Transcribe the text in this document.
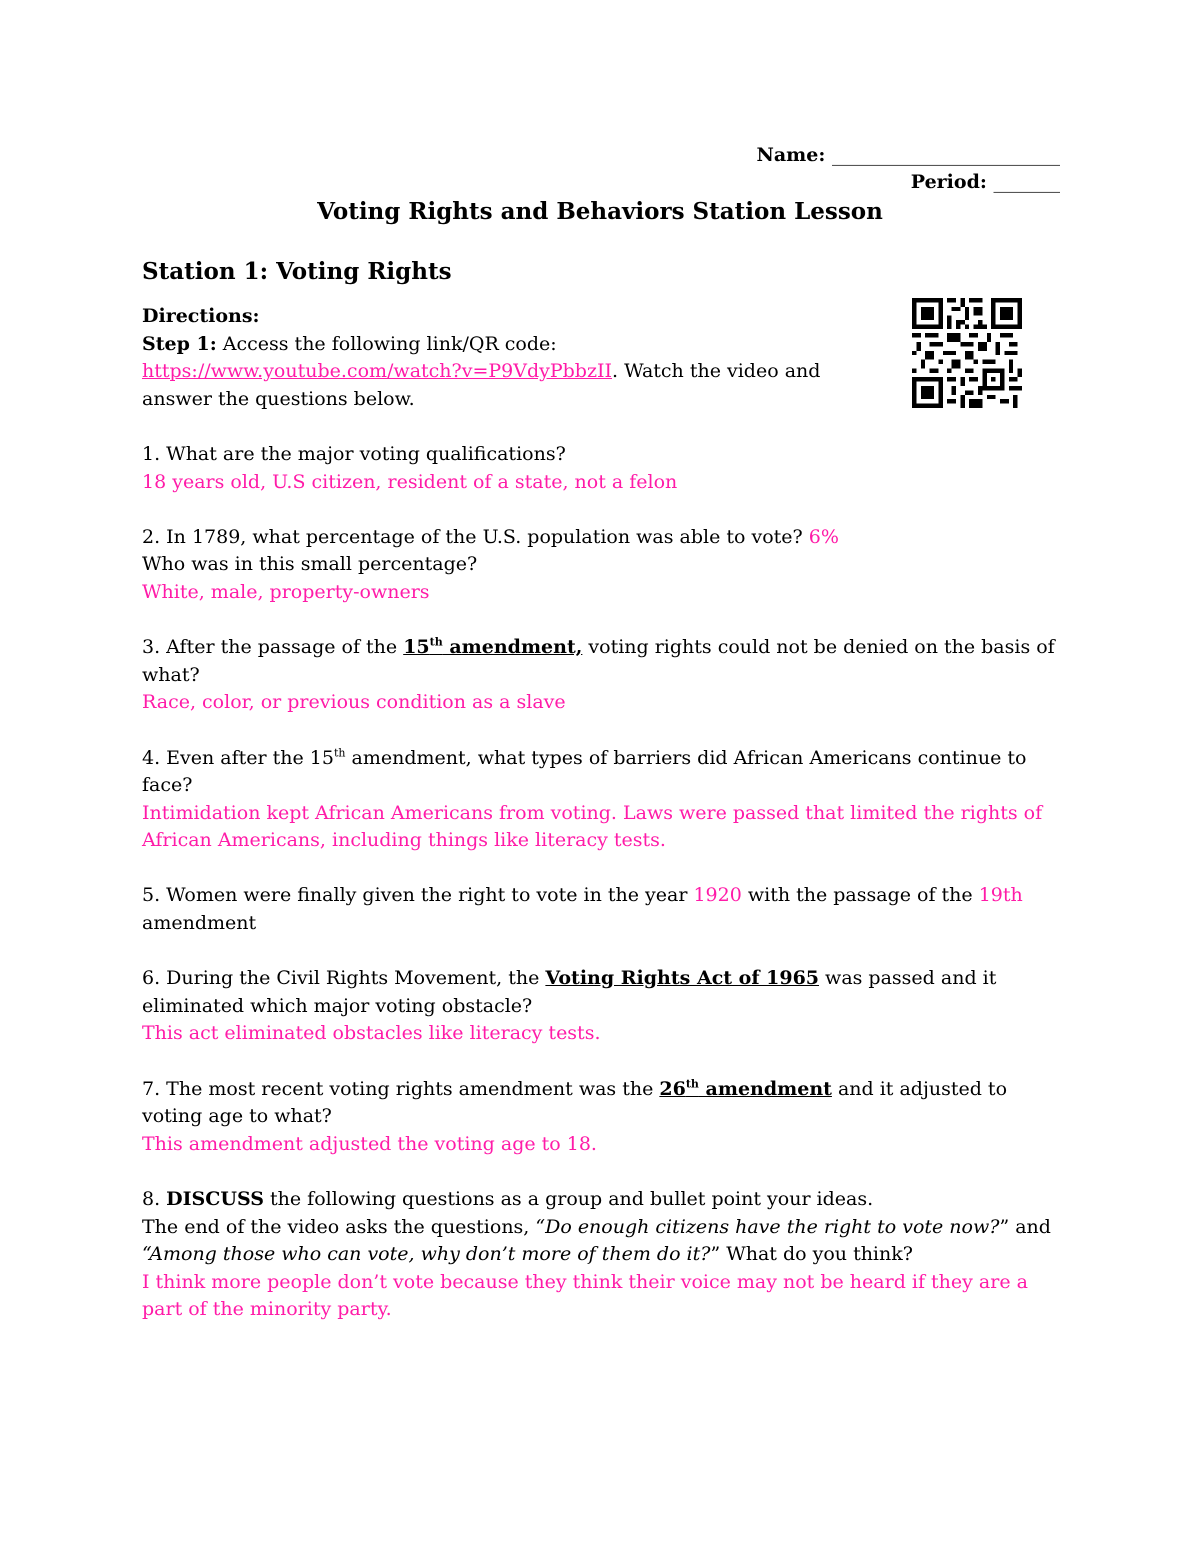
Name: ________________________
Period: _______
Voting Rights and Behaviors Station Lesson
Station 1: Voting Rights

Directions:

Step 1: Access the following link/QR code:
https://www.youtube.com/watch?v=P9VdyPbbzII. Watch the video and answer the questions below.

1. What are the major voting qualifications?

18 years old, U.S citizen, resident of a state, not a felon

2. In 1789, what percentage of the U.S. population was able to vote? 6%

Who was in this small percentage?

White, male, property-owners

3. After the passage of the 15th amendment, voting rights could not be denied on the basis of what?

Race, color, or previous condition as a slave

4. Even after the 15th amendment, what types of barriers did African Americans continue to face?

Intimidation kept African Americans from voting. Laws were passed that limited the rights of African Americans, including things like literacy tests.

5. Women were finally given the right to vote in the year 1920 with the passage of the 19th amendment

6. During the Civil Rights Movement, the Voting Rights Act of 1965 was passed and it eliminated which major voting obstacle?

This act eliminated obstacles like literacy tests.

7. The most recent voting rights amendment was the 26th amendment and it adjusted to voting age to what?

This amendment adjusted the voting age to 18.

8. DISCUSS the following questions as a group and bullet point your ideas.

The end of the video asks the questions, “Do enough citizens have the right to vote now?” and “Among those who can vote, why don’t more of them do it?” What do you think?

I think more people don’t vote because they think their voice may not be heard if they are a part of the minority party.
